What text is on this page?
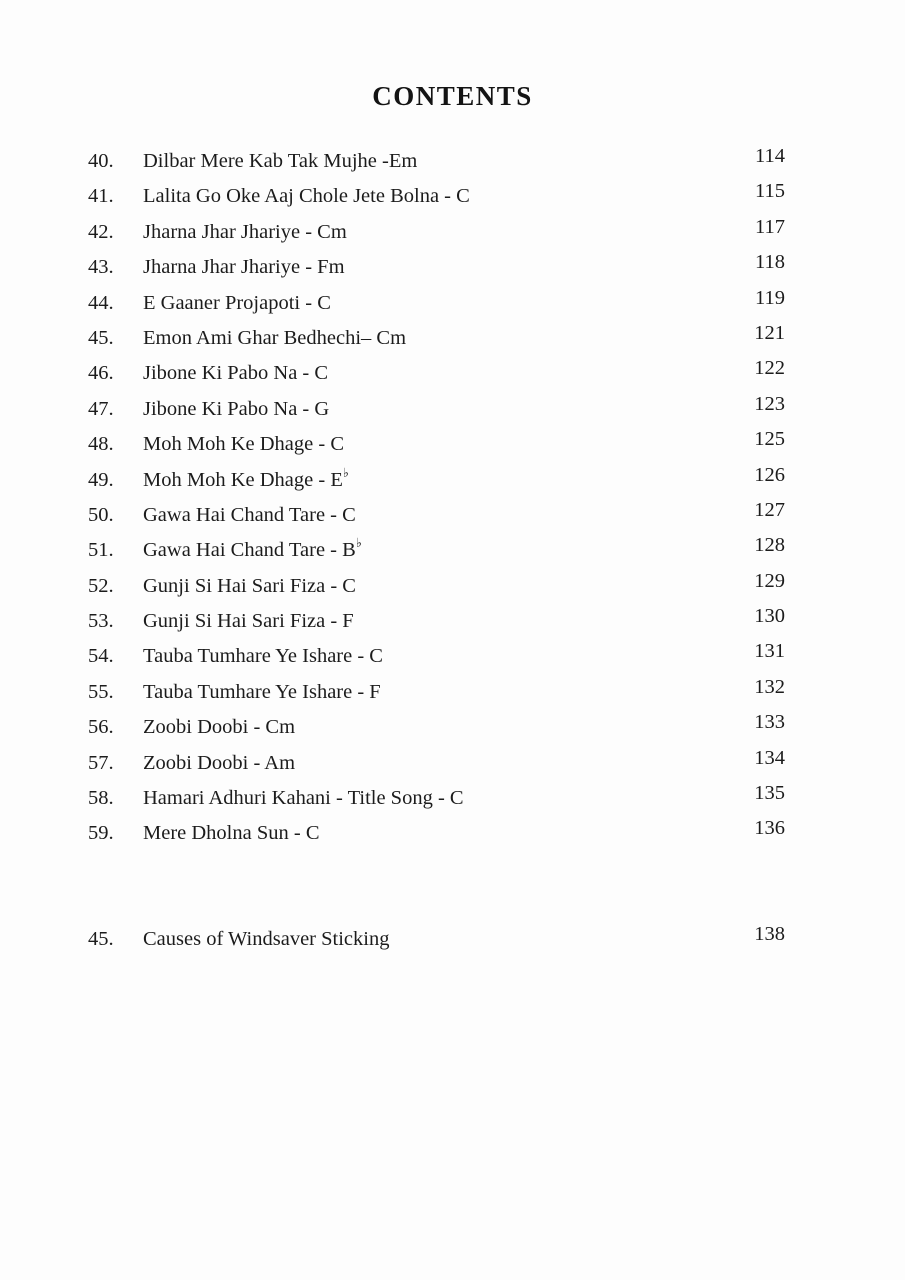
CONTENTS
40.	Dilbar Mere Kab Tak Mujhe -Em	114
41.	Lalita Go Oke Aaj Chole Jete Bolna - C	115
42.	Jharna Jhar Jhariye - Cm	117
43.	Jharna Jhar Jhariye - Fm	118
44.	E Gaaner Projapoti - C	119
45.	Emon Ami Ghar Bedhechi– Cm	121
46.	Jibone Ki Pabo Na - C	122
47.	Jibone Ki Pabo Na - G	123
48.	Moh Moh Ke Dhage - C	125
49.	Moh Moh Ke Dhage - E♭	126
50.	Gawa Hai Chand Tare - C	127
51.	Gawa Hai Chand Tare - B♭	128
52.	Gunji Si Hai Sari Fiza - C	129
53.	Gunji Si Hai Sari Fiza - F	130
54.	Tauba Tumhare Ye Ishare - C	131
55.	Tauba Tumhare Ye Ishare - F	132
56.	Zoobi Doobi - Cm	133
57.	Zoobi Doobi - Am	134
58.	Hamari Adhuri Kahani - Title Song - C	135
59.	Mere Dholna Sun - C	136
45.	Causes of Windsaver Sticking	138
